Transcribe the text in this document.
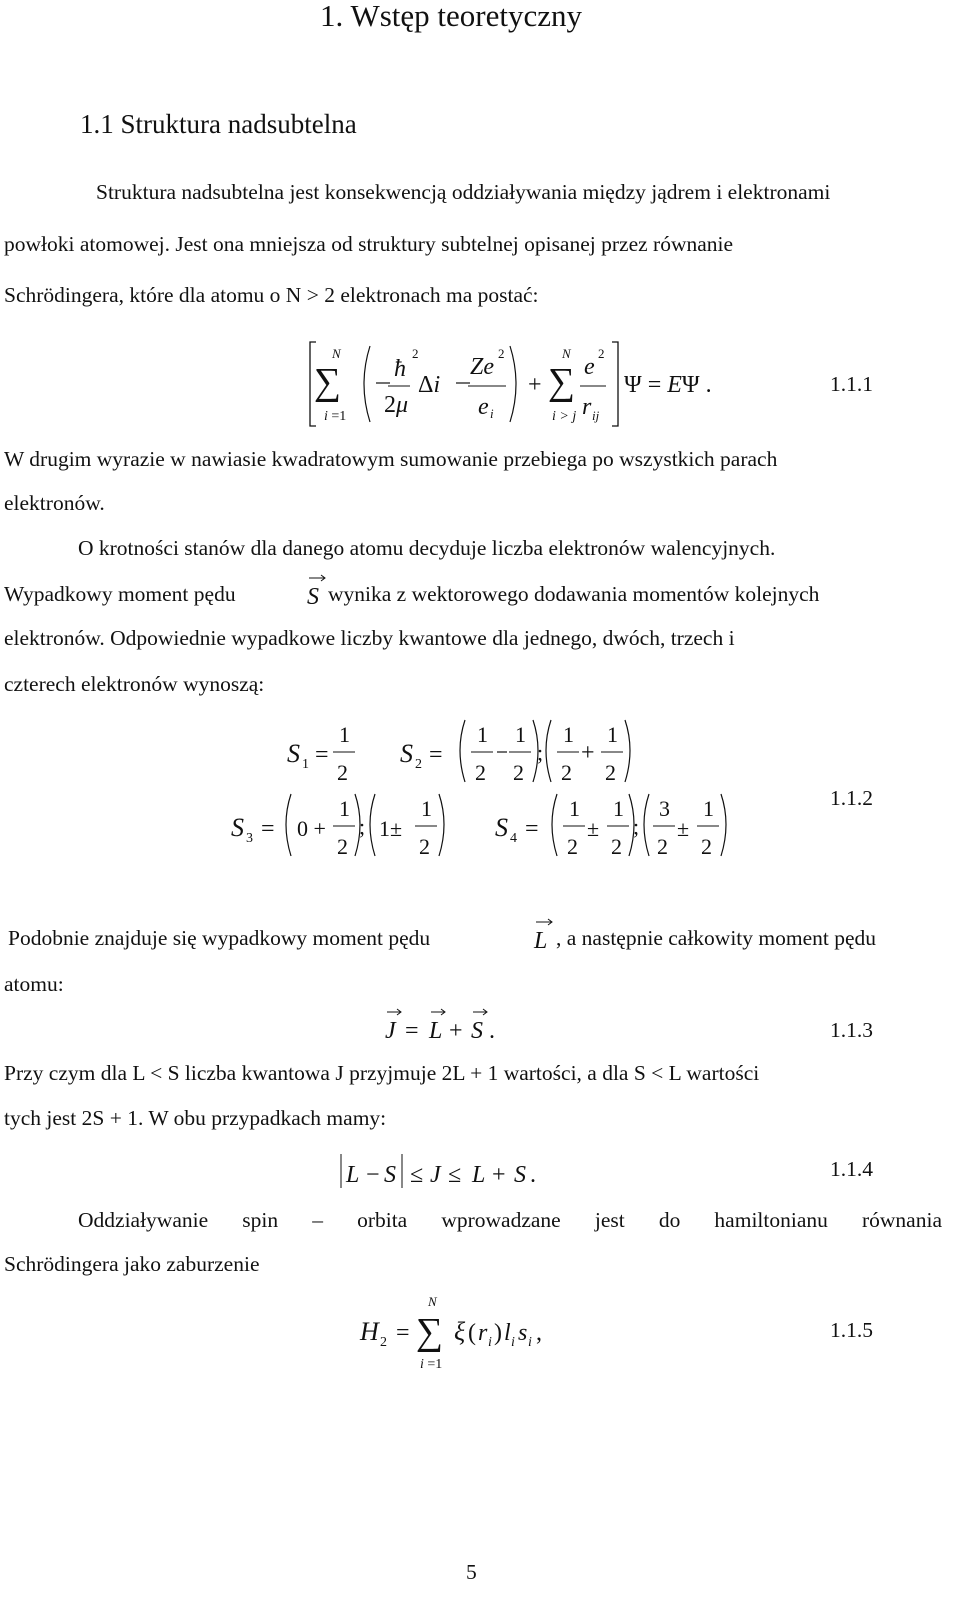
1. Wstęp teoretyczny
1.1 Struktura nadsubtelna
Struktura nadsubtelna jest konsekwencją oddziaływania między jądrem i elektronami
powłoki atomowej. Jest ona mniejsza od struktury subtelnej opisanej przez równanie
Schrödingera, które dla atomu o N > 2 elektronach ma postać:
N
∑
i =1
ħ
2
2μ
Δi
Ze
2
e i
+
N
∑
i > j
e
2
r ij
Ψ = EΨ .	1.1.1
W drugim wyrazie w nawiasie kwadratowym sumowanie przebiega po wszystkich parach
elektronów.
O krotności stanów dla danego atomu decyduje liczba elektronów walencyjnych.
Wypadkowy moment pędu	S wynika z wektorowego dodawania momentów kolejnych
elektronów. Odpowiednie wypadkowe liczby kwantowe dla jednego, dwóch, trzech i
czterech elektronów wynoszą:
S 1 =
1
2
S 2 =
1
2
1
2
;
1
2
+
1
2
S 3 = 0 +
1
2
; 1±
1
2
S 4 =
1
2
±
1
2
;
3
2
±
1
2
1.1.2
Podobnie znajduje się wypadkowy moment pędu	L , a następnie całkowity moment pędu
atomu:
J = L + S .	1.1.3
Przy czym dla L < S liczba kwantowa J przyjmuje 2L + 1 wartości, a dla S < L wartości
tych jest 2S + 1. W obu przypadkach mamy:
L − S ≤ J ≤ L + S .	1.1.4
Oddziaływanie spin – orbita wprowadzane jest do hamiltonianu równania
Schrödingera jako zaburzenie
H 2 =
N
∑
i =1
ξ ( r i ) l i s i ,	1.1.5
5
